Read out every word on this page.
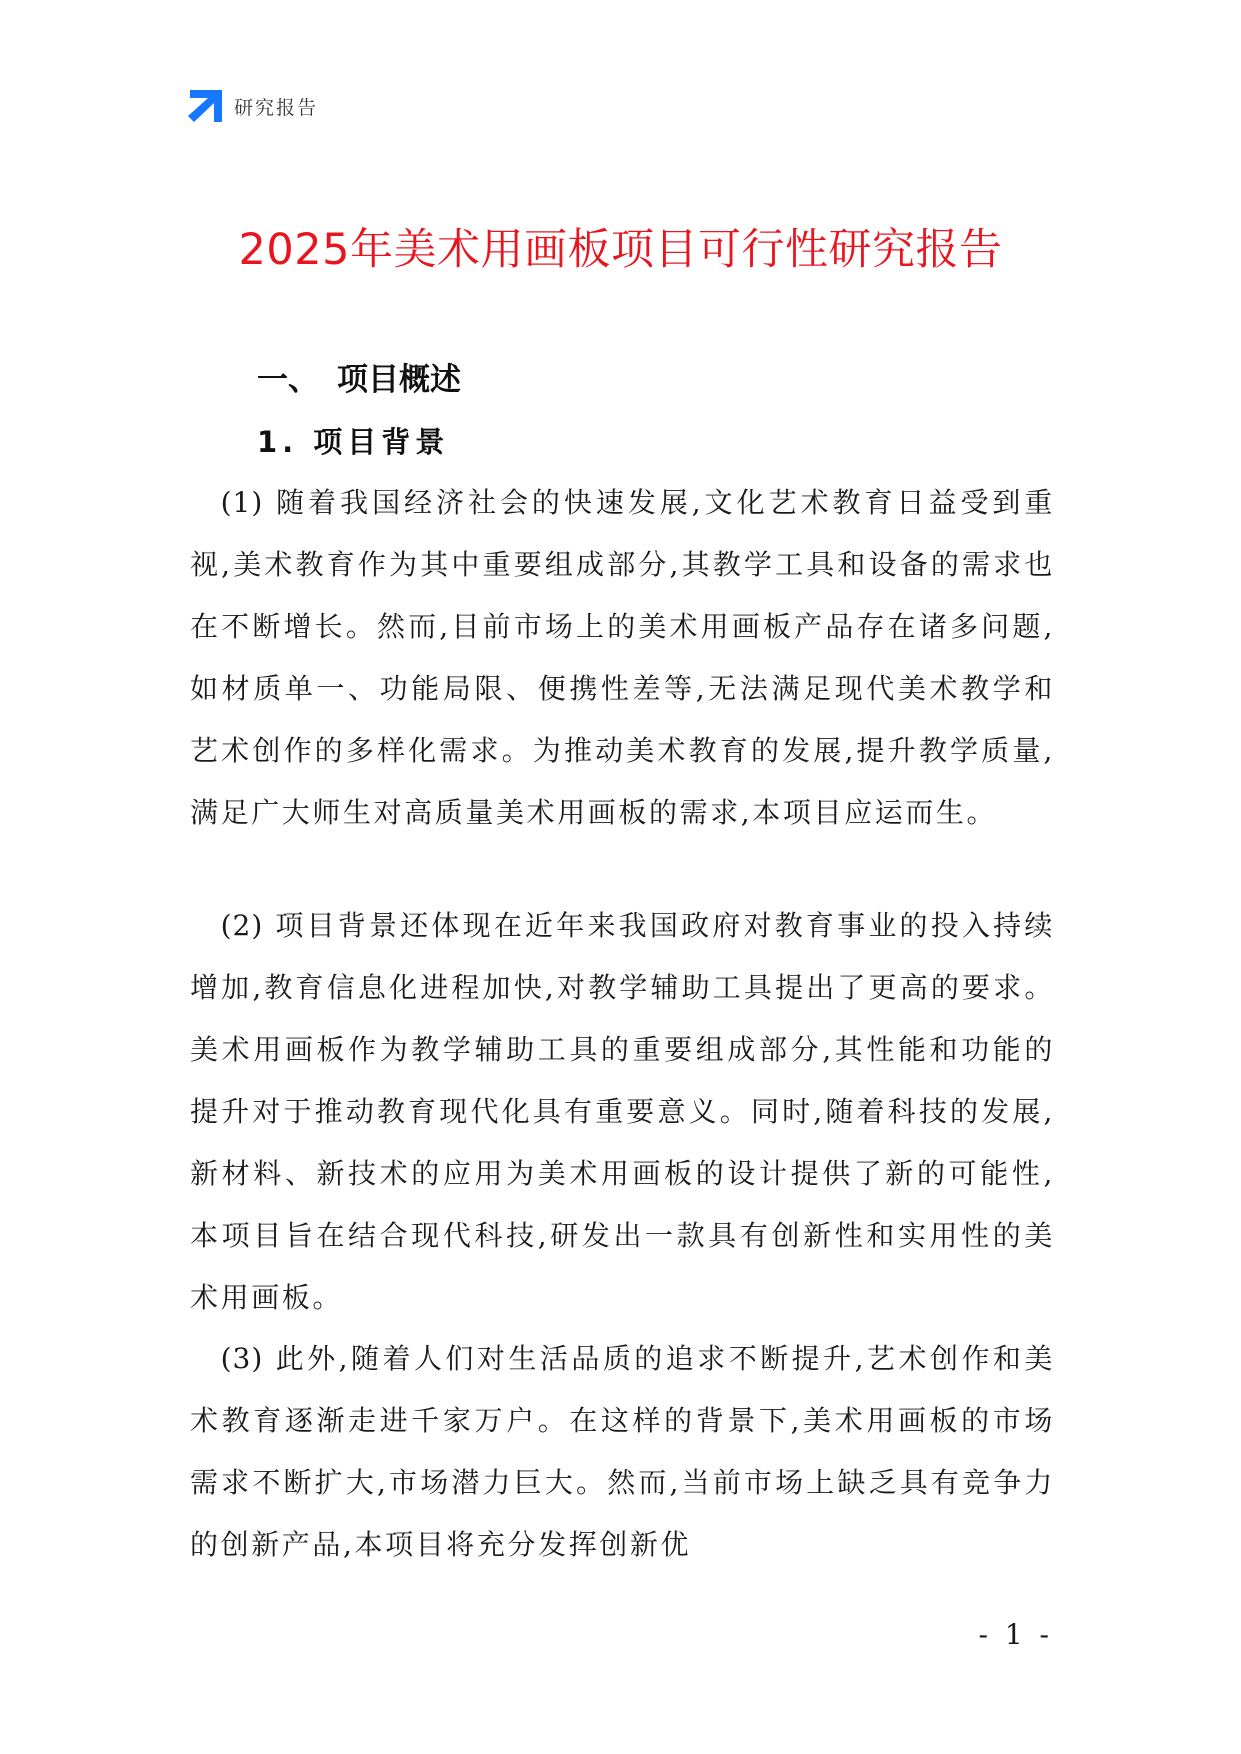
研究报告
2025年美术用画板项目可行性研究报告
一、 项目概述
1. 项目背景

 (1) 随着我国经济社会的快速发展,文化艺术教育日益受到重视,美术教育作为其中重要组成部分,其教学工具和设备的需求也在不断增长。然而,目前市场上的美术用画板产品存在诸多问题,如材质单一、功能局限、便携性差等,无法满足现代美术教学和艺术创作的多样化需求。为推动美术教育的发展,提升教学质量,满足广大师生对高质量美术用画板的需求,本项目应运而生。

 (2) 项目背景还体现在近年来我国政府对教育事业的投入持续增加,教育信息化进程加快,对教学辅助工具提出了更高的要求。美术用画板作为教学辅助工具的重要组成部分,其性能和功能的提升对于推动教育现代化具有重要意义。同时,随着科技的发展,新材料、新技术的应用为美术用画板的设计提供了新的可能性,本项目旨在结合现代科技,研发出一款具有创新性和实用性的美术用画板。

 (3) 此外,随着人们对生活品质的追求不断提升,艺术创作和美术教育逐渐走进千家万户。在这样的背景下,美术用画板的市场需求不断扩大,市场潜力巨大。然而,当前市场上缺乏具有竞争力的创新产品,本项目将充分发挥创新优

- 1 -
